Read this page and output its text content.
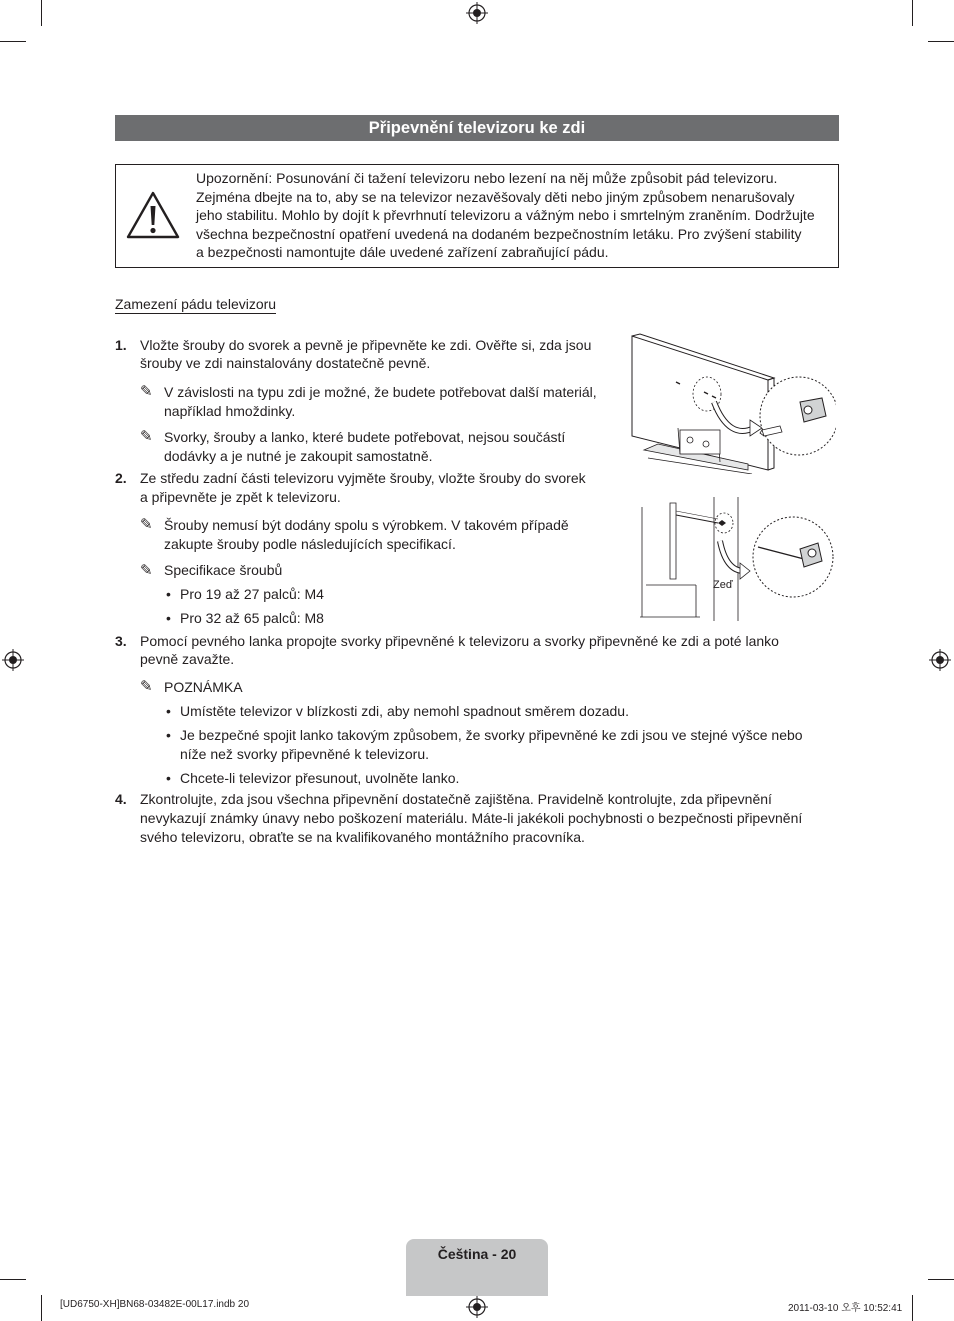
Připevnění televizoru ke zdi
Upozornění: Posunování či tažení televizoru nebo lezení na něj může způsobit pád televizoru.
Zejména dbejte na to, aby se na televizor nezavěšovaly děti nebo jiným způsobem nenarušovaly
jeho stabilitu. Mohlo by dojít k převrhnutí televizoru a vážným nebo i smrtelným zraněním. Dodržujte
všechna bezpečnostní opatření uvedená na dodaném bezpečnostním letáku. Pro zvýšení stability
a bezpečnosti namontujte dále uvedené zařízení zabraňující pádu.
Zamezení pádu televizoru
1. Vložte šrouby do svorek a pevně je připevněte ke zdi. Ověřte si, zda jsou
šrouby ve zdi nainstalovány dostatečně pevně.
✎ V závislosti na typu zdi je možné, že budete potřebovat další materiál,
například hmoždinky.
✎ Svorky, šrouby a lanko, které budete potřebovat, nejsou součástí
dodávky a je nutné je zakoupit samostatně.
2. Ze středu zadní části televizoru vyjměte šrouby, vložte šrouby do svorek
a připevněte je zpět k televizoru.
✎ Šrouby nemusí být dodány spolu s výrobkem. V takovém případě
zakupte šrouby podle následujících specifikací.
✎ Specifikace šroubů
• Pro 19 až 27 palců: M4
• Pro 32 až 65 palců: M8
3. Pomocí pevného lanka propojte svorky připevněné k televizoru a svorky připevněné ke zdi a poté lanko
pevně zavažte.
✎ POZNÁMKA
• Umístěte televizor v blízkosti zdi, aby nemohl spadnout směrem dozadu.
• Je bezpečné spojit lanko takovým způsobem, že svorky připevněné ke zdi jsou ve stejné výšce nebo
níže než svorky připevněné k televizoru.
• Chcete-li televizor přesunout, uvolněte lanko.
4. Zkontrolujte, zda jsou všechna připevnění dostatečně zajištěna. Pravidelně kontrolujte, zda připevnění
nevykazují známky únavy nebo poškození materiálu. Máte-li jakékoli pochybnosti o bezpečnosti připevnění
svého televizoru, obraťte se na kvalifikovaného montážního pracovníka.
Zeď
Čeština - 20
[UD6750-XH]BN68-03482E-00L17.indb 20	2011-03-10 오후 10:52:41
